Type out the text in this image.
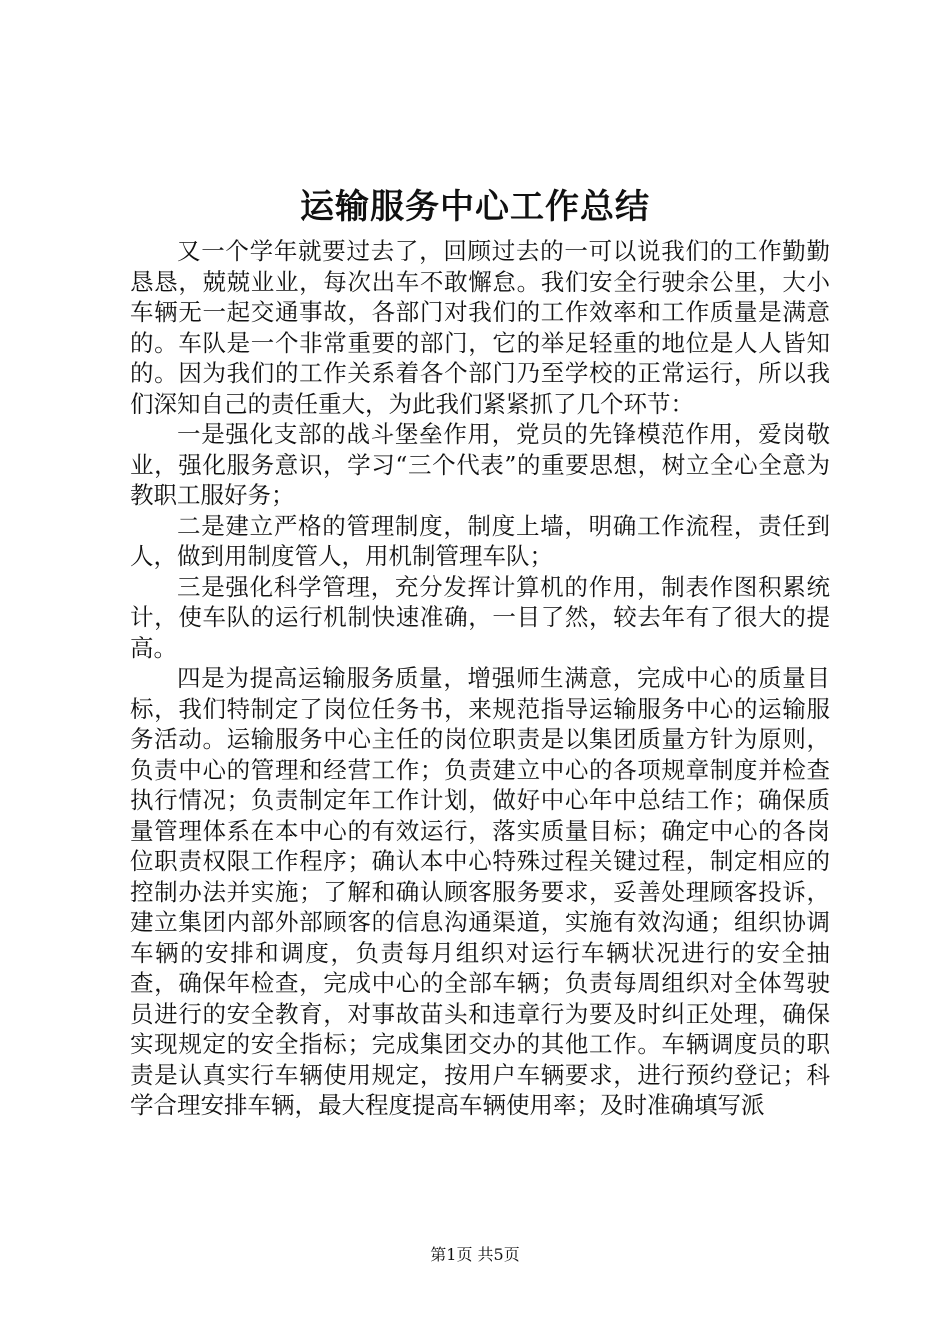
运输服务中心工作总结

又一个学年就要过去了，回顾过去的一可以说我们的工作勤勤恳恳，兢兢业业，每次出车不敢懈怠。我们安全行驶余公里，大小车辆无一起交通事故，各部门对我们的工作效率和工作质量是满意的。车队是一个非常重要的部门，它的举足轻重的地位是人人皆知的。因为我们的工作关系着各个部门乃至学校的正常运行，所以我们深知自己的责任重大，为此我们紧紧抓了几个环节：

一是强化支部的战斗堡垒作用，党员的先锋模范作用，爱岗敬业，强化服务意识，学习“三个代表”的重要思想，树立全心全意为教职工服好务；

二是建立严格的管理制度，制度上墙，明确工作流程，责任到人，做到用制度管人，用机制管理车队；

三是强化科学管理，充分发挥计算机的作用，制表作图积累统计，使车队的运行机制快速准确，一目了然，较去年有了很大的提高。

四是为提高运输服务质量，增强师生满意，完成中心的质量目标，我们特制定了岗位任务书，来规范指导运输服务中心的运输服务活动。运输服务中心主任的岗位职责是以集团质量方针为原则，负责中心的管理和经营工作；负责建立中心的各项规章制度并检查执行情况；负责制定年工作计划，做好中心年中总结工作；确保质量管理体系在本中心的有效运行，落实质量目标；确定中心的各岗位职责权限工作程序；确认本中心特殊过程关键过程，制定相应的控制办法并实施；了解和确认顾客服务要求，妥善处理顾客投诉，建立集团内部外部顾客的信息沟通渠道，实施有效沟通；组织协调车辆的安排和调度，负责每月组织对运行车辆状况进行的安全抽查，确保年检查，完成中心的全部车辆；负责每周组织对全体驾驶员进行的安全教育，对事故苗头和违章行为要及时纠正处理，确保实现规定的安全指标；完成集团交办的其他工作。车辆调度员的职责是认真实行车辆使用规定，按用户车辆要求，进行预约登记；科学合理安排车辆，最大程度提高车辆使用率；及时准确填写派

第1页 共5页
